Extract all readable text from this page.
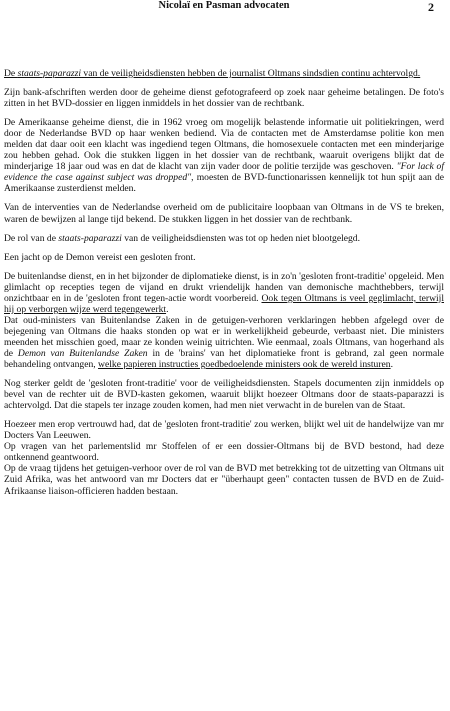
Nicolaï en Pasman advocaten	2

De staats-paparazzi van de veiligheidsdiensten hebben de journalist Oltmans sindsdien continu achtervolgd.

Zijn bank-afschriften werden door de geheime dienst gefotografeerd op zoek naar geheime betalingen. De foto's zitten in het BVD-dossier en liggen inmiddels in het dossier van de rechtbank.

De Amerikaanse geheime dienst, die in 1962 vroeg om mogelijk belastende informatie uit politiekringen, werd door de Nederlandse BVD op haar wenken bediend. Via de contacten met de Amsterdamse politie kon men melden dat daar ooit een klacht was ingediend tegen Oltmans, die homosexuele contacten met een minderjarige zou hebben gehad. Ook die stukken liggen in het dossier van de rechtbank, waaruit overigens blijkt dat de minderjarige 18 jaar oud was en dat de klacht van zijn vader door de politie terzijde was geschoven. "For lack of evidence the case against subject was dropped", moesten de BVD-functionarissen kennelijk tot hun spijt aan de Amerikaanse zusterdienst melden.

Van de interventies van de Nederlandse overheid om de publicitaire loopbaan van Oltmans in de VS te breken, waren de bewijzen al lange tijd bekend. De stukken liggen in het dossier van de rechtbank.

De rol van de staats-paparazzi van de veiligheidsdiensten was tot op heden niet blootgelegd.

Een jacht op de Demon vereist een gesloten front.

De buitenlandse dienst, en in het bijzonder de diplomatieke dienst, is in zo'n 'gesloten front-traditie' opgeleid. Men glimlacht op recepties tegen de vijand en drukt vriendelijk handen van demonische machthebbers, terwijl onzichtbaar en in de 'gesloten front tegen-actie wordt voorbereid. Ook tegen Oltmans is veel geglimlacht, terwijl hij op verborgen wijze werd tegengewerkt.

Dat oud-ministers van Buitenlandse Zaken in de getuigen-verhoren verklaringen hebben afgelegd over de bejegening van Oltmans die haaks stonden op wat er in werkelijkheid gebeurde, verbaast niet. Die ministers meenden het misschien goed, maar ze konden weinig uitrichten. Wie eenmaal, zoals Oltmans, van hogerhand als de Demon van Buitenlandse Zaken in de 'brains' van het diplomatieke front is gebrand, zal geen normale behandeling ontvangen, welke papieren instructies goedbedoelende ministers ook de wereld insturen.

Nog sterker geldt de 'gesloten front-traditie' voor de veiligheidsdiensten. Stapels documenten zijn inmiddels op bevel van de rechter uit de BVD-kasten gekomen, waaruit blijkt hoezeer Oltmans door de staats-paparazzi is achtervolgd. Dat die stapels ter inzage zouden komen, had men niet verwacht in de burelen van de Staat.

Hoezeer men erop vertrouwd had, dat de 'gesloten front-traditie' zou werken, blijkt wel uit de handelwijze van mr Docters Van Leeuwen.

Op vragen van het parlementslid mr Stoffelen of er een dossier-Oltmans bij de BVD bestond, had deze ontkennend geantwoord.

Op de vraag tijdens het getuigen-verhoor over de rol van de BVD met betrekking tot de uitzetting van Oltmans uit Zuid Afrika, was het antwoord van mr Docters dat er "überhaupt geen" contacten tussen de BVD en de Zuid-Afrikaanse liaison-officieren hadden bestaan.
